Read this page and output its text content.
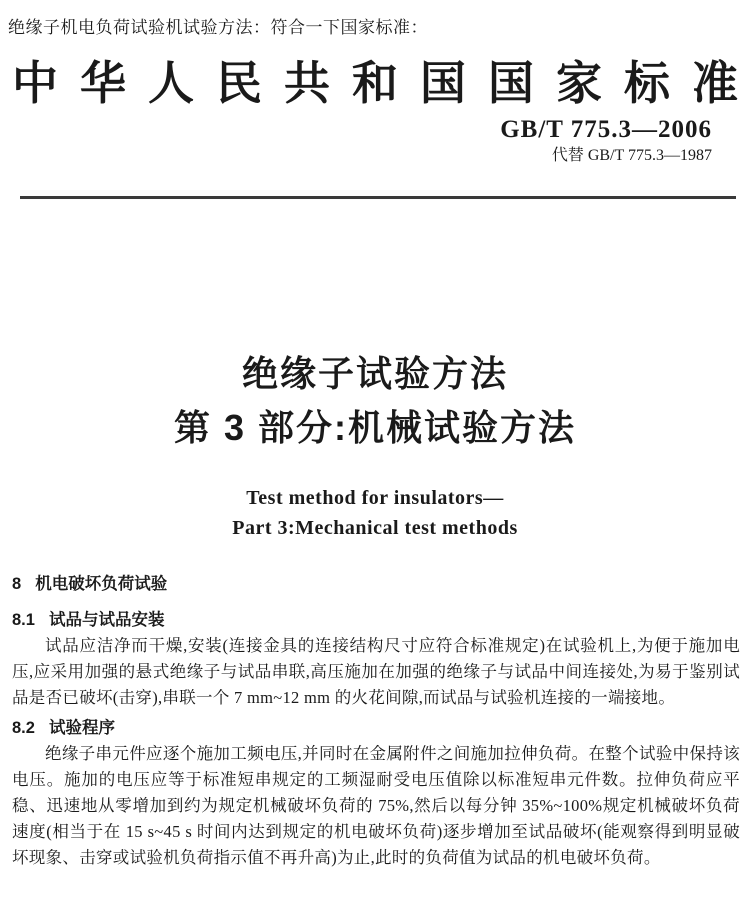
绝缘子机电负荷试验机试验方法：符合一下国家标准：
中 华 人 民 共 和 国 国 家 标 准
GB/T 775.3—2006
代替 GB/T 775.3—1987
绝缘子试验方法
第 3 部分:机械试验方法
Test method for insulators—
Part 3:Mechanical test methods
8 机电破坏负荷试验
8.1 试品与试品安装

试品应洁净而干燥,安装(连接金具的连接结构尺寸应符合标准规定)在试验机上,为便于施加电压,应采用加强的悬式绝缘子与试品串联,高压施加在加强的绝缘子与试品中间连接处,为易于鉴别试品是否已破坏(击穿),串联一个 7 mm~12 mm 的火花间隙,而试品与试验机连接的一端接地。

8.2 试验程序

绝缘子串元件应逐个施加工频电压,并同时在金属附件之间施加拉伸负荷。在整个试验中保持该电压。施加的电压应等于标准短串规定的工频湿耐受电压值除以标准短串元件数。拉伸负荷应平稳、迅速地从零增加到约为规定机械破坏负荷的 75%,然后以每分钟 35%~100%规定机械破坏负荷速度(相当于在 15 s~45 s 时间内达到规定的机电破坏负荷)逐步增加至试品破坏(能观察得到明显破坏现象、击穿或试验机负荷指示值不再升高)为止,此时的负荷值为试品的机电破坏负荷。
